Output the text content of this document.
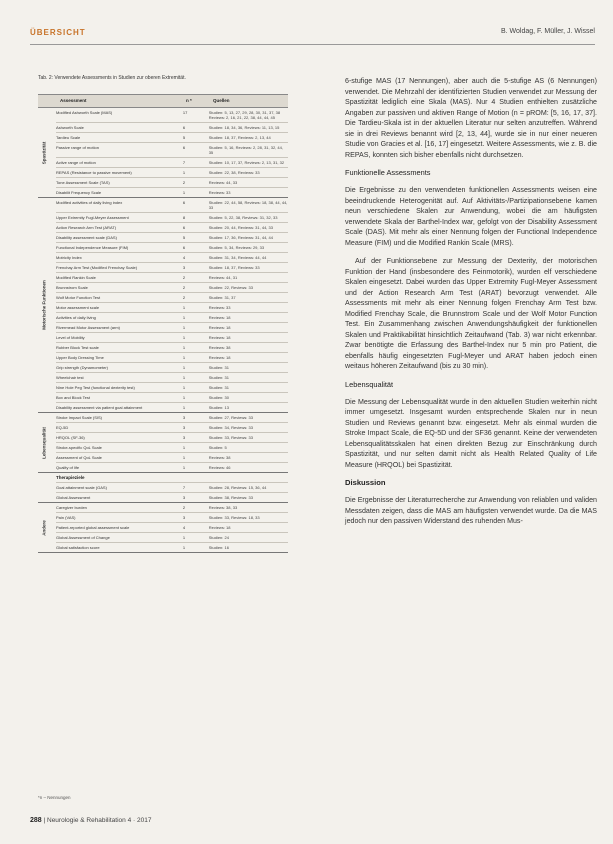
ÜBERSICHT	B. Woldag, F. Müller, J. Wissel
Tab. 2: Verwendete Assessments in Studien zur oberen Extremität.
Assessment	n *	Quellen
Spastizität
Modified Ashworth Scale (MAS)	17	Studien: 5, 13, 27, 29, 28, 30, 31, 37, 38 Reviews: 2, 16, 21, 22, 38, 44, 44, 45
Ashworth Scale	6	Studien: 18, 34, 36, Reviews: 11, 13, 15
Tardieu Scale	5	Studien: 18, 37, Reviews: 2, 13, 44
Passive range of motion	6	Studien: 5, 16, Reviews: 2, 28, 31, 32, 44, 35
Active range of motion	7	Studien: 10, 17, 37, Reviews: 2, 13, 31, 32
REPAS (Resistance to passive movement)	1	Studien: 22, 38, Reviews: 33
Tone Assessment Scale (TAS)	2	Reviews: 44, 33
Disabilit Frequency Scale	1	Reviews: 33
Motorische Funktionen
Modified activities of daily living index	6	Studien: 22, 44, 58, Reviews: 18, 38, 44, 44, 33
Upper Extremity Fugl-Meyer Assessment	8	Studien: 5, 22, 38, Reviews: 31, 32, 33
Action Research Arm Test (ARAT)	6	Studien: 20, 44, Reviews: 31, 44, 33
Disability assessment scale (DAS)	5	Studien: 17, 36, Reviews: 31, 44, 44
Functional Independence Measure (FIM)	6	Studien: 5, 34, Reviews: 29, 33
Motricity Index	4	Studien: 31, 34, Reviews: 44, 44
Frenchay Arm Test (Modified Frenchay Scale)	3	Studien: 18, 37, Reviews: 33
Modified Rankin Scale	2	Reviews: 44, 31
Brunnstrom Scale	2	Studien: 22, Reviews: 33
Wolf Motor Function Test	2	Studien: 31, 37
Motor assessment scale	1	Reviews: 33
Activities of daily living	1	Reviews: 18
Rivermead Motor Assessment (arm)	1	Reviews: 18
Level of Mobility	1	Reviews: 18
Rubber Block Test scale	1	Reviews: 38
Upper Body Dressing Time	1	Reviews: 18
Grip strength (Dynamometer)	1	Studien: 31
Wheelchair test	1	Studien: 31
Nine Hole Peg Test (functional dexterity test)	1	Studien: 31
Box and Block Test	1	Studien: 30
Disability assessment via patient goal attainment	1	Studien: 13
Lebensqualität
Stroke Impact Scale (SIS)	3	Studien: 27, Reviews: 33
EQ-5D	3	Studien: 34, Reviews: 33
HRQOL (SF-36)	3	Studien: 33, Reviews: 33
Stroke-specific QoL Scale	1	Studien: 5
Assessment of QoL Scale	1	Reviews: 38
Quality of life	1	Reviews: 46
Therapieziele
Goal attainment scale (GAS)	7	Studien: 28, Reviews: 15, 36, 44
Global Assessment	3	Studien: 38, Reviews: 33
Andere
Caregiver burden	2	Reviews: 38, 33
Pain (VAS)	3	Studien: 33, Reviews: 18, 33
Patient-reported global assessment scale	4	Reviews: 18
Global Assessment of Change	1	Studien: 24
Global satisfaction score	1	Studien: 16
*n – Nennungen

6-stufige MAS (17 Nennungen), aber auch die 5-stufige AS (6 Nennungen) verwendet. Die Mehrzahl der identifizierten Studien verwendet zur Messung der Spastizität lediglich eine Skala (MAS). Nur 4 Studien enthielten zusätzliche Angaben zur passiven und aktiven Range of Motion (n = pROM: [5, 16, 17, 37]. Die Tardieu-Skala ist in der aktuellen Literatur nur selten anzutreffen. Während sie in drei Reviews benannt wird [2, 13, 44], wurde sie in nur einer neueren Studie von Gracies et al. [16, 17] eingesetzt. Weitere Assessments, wie z. B. die REPAS, konnten sich bisher ebenfalls nicht durchsetzen.

Funktionelle Assessments

Die Ergebnisse zu den verwendeten funktionellen Assessments weisen eine beeindruckende Heterogenität auf. Auf Aktivitäts-/Partizipationsebene kamen neun verschiedene Skalen zur Anwendung, wobei die am häufigsten verwendete Skala der Barthel-Index war, gefolgt von der Disability Assessment Scale (DAS). Mit mehr als einer Nennung folgen der Functional Independence Measure (FIM) und die Modified Rankin Scale (MRS).

Auf der Funktionsebene zur Messung der Dexterity, der motorischen Funktion der Hand (insbesondere des Feinmotorik), wurden elf verschiedene Skalen eingesetzt. Dabei wurden das Upper Extremity Fugl-Meyer Assessment und der Action Research Arm Test (ARAT) bevorzugt verwendet. Alle Assessments mit mehr als einer Nennung folgen Frenchay Arm Test bzw. Modified Frenchay Scale, die Brunnstrom Scale und der Wolf Motor Function Test. Ein Zusammenhang zwischen Anwendungshäufigkeit der funktionellen Skalen und Praktikabilität hinsichtlich Zeitaufwand (Tab. 3) war nicht erkennbar. Zwar benötigte die Erfassung des Barthel-Index nur 5 min pro Patient, die ebenfalls häufig eingesetzten Fugl-Meyer und ARAT haben jedoch einen weitaus höheren Zeitaufwand (bis zu 30 min).

Lebensqualität

Die Messung der Lebensqualität wurde in den aktuellen Studien weiterhin nicht immer umgesetzt. Insgesamt wurden entsprechende Skalen nur in neun Studien und Reviews genannt bzw. eingesetzt. Mehr als einmal wurden die Stroke Impact Scale, die EQ-5D und der SF36 genannt. Keine der verwendeten Lebensqualitätsskalen hat einen direkten Bezug zur Einschränkung durch Spastizität, und nur selten damit nicht als Health Related Quality of Life Measure (HRQOL) bei Spastizität.

Diskussion

Die Ergebnisse der Literaturrecherche zur Anwendung von reliablen und validen Messdaten zeigen, dass die MAS am häufigsten verwendet wurde. Da die MAS jedoch nur den passiven Widerstand des ruhenden Mus-

288 | Neurologie & Rehabilitation 4 · 2017
